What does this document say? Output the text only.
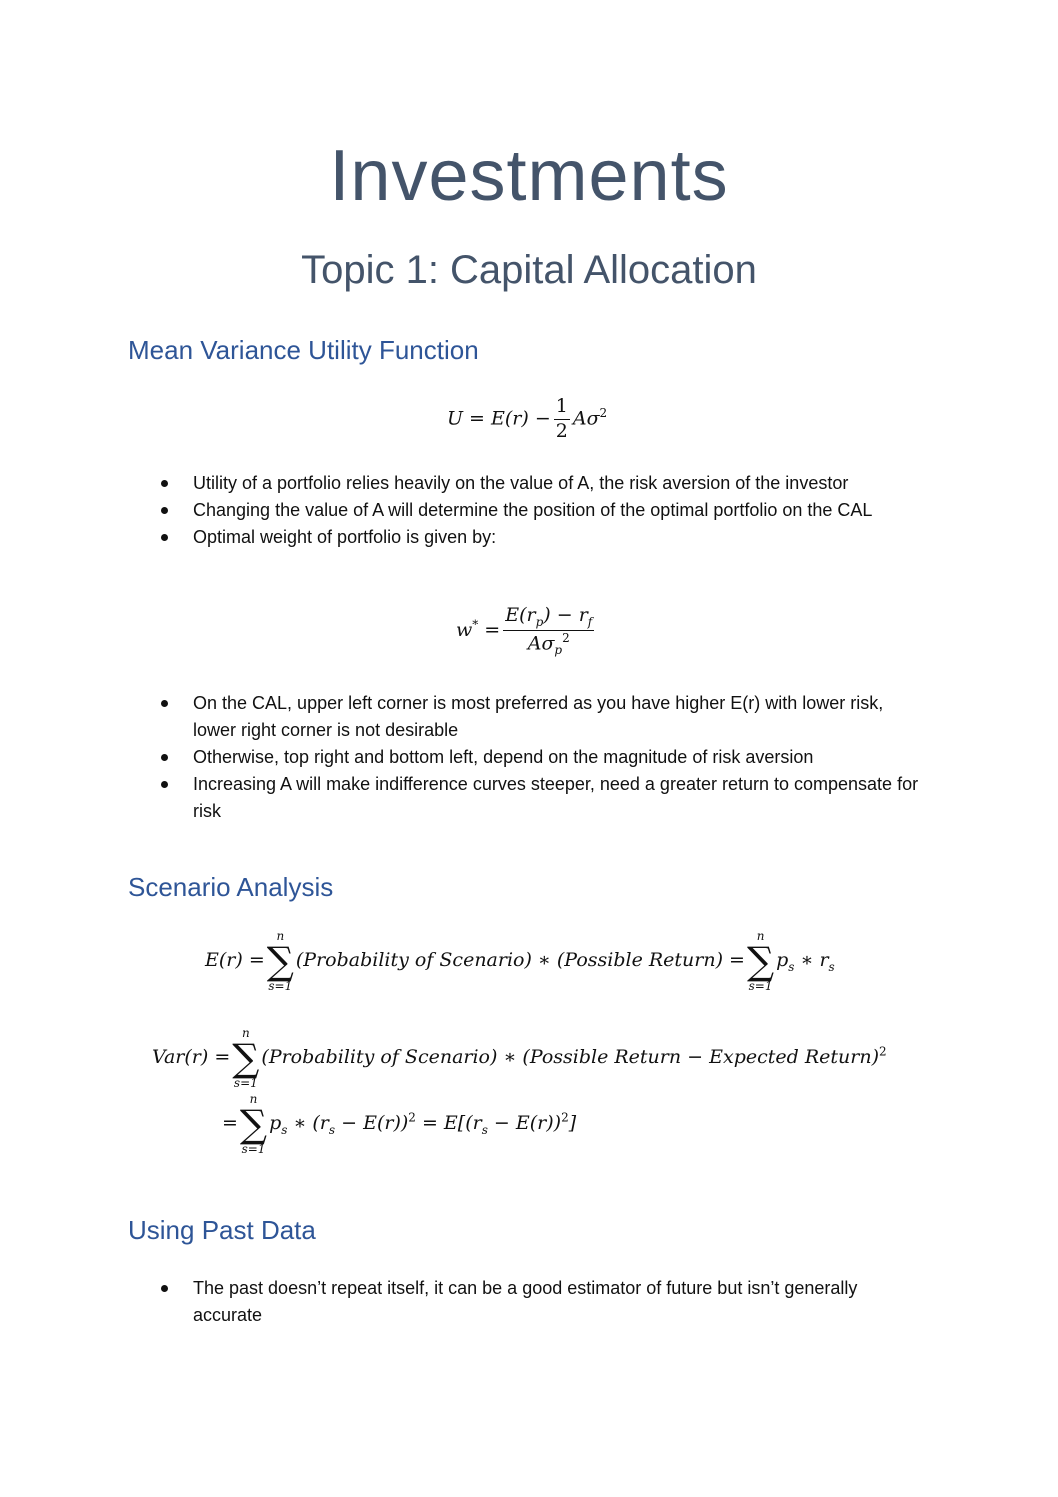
Investments
Topic 1: Capital Allocation
Mean Variance Utility Function
$U = E(r) - \frac{1}{2} A\sigma^2$
Utility of a portfolio relies heavily on the value of A, the risk aversion of the investor
Changing the value of A will determine the position of the optimal portfolio on the CAL
Optimal weight of portfolio is given by:
$w^* = \frac{E(r_p) - r_f}{A\sigma_p^2}$
On the CAL, upper left corner is most preferred as you have higher E(r) with lower risk, lower right corner is not desirable
Otherwise, top right and bottom left, depend on the magnitude of risk aversion
Increasing A will make indifference curves steeper, need a greater return to compensate for risk
Scenario Analysis
E(r) =
n
∑
s=1
(Probability of Scenario) ∗ (Possible Return) =
n
∑
s=1
$p_s$ ∗ $r_s$
Var(r) =
n
∑
s=1
(Probability of Scenario) ∗ (Possible Return − Expected Return)$^2$
=
n
∑
s=1
$p_s$ ∗ $(r_s - E(r))^2 = E[(r_s - E(r))^2]$
Using Past Data
The past doesn’t repeat itself, it can be a good estimator of future but isn’t generally accurate
